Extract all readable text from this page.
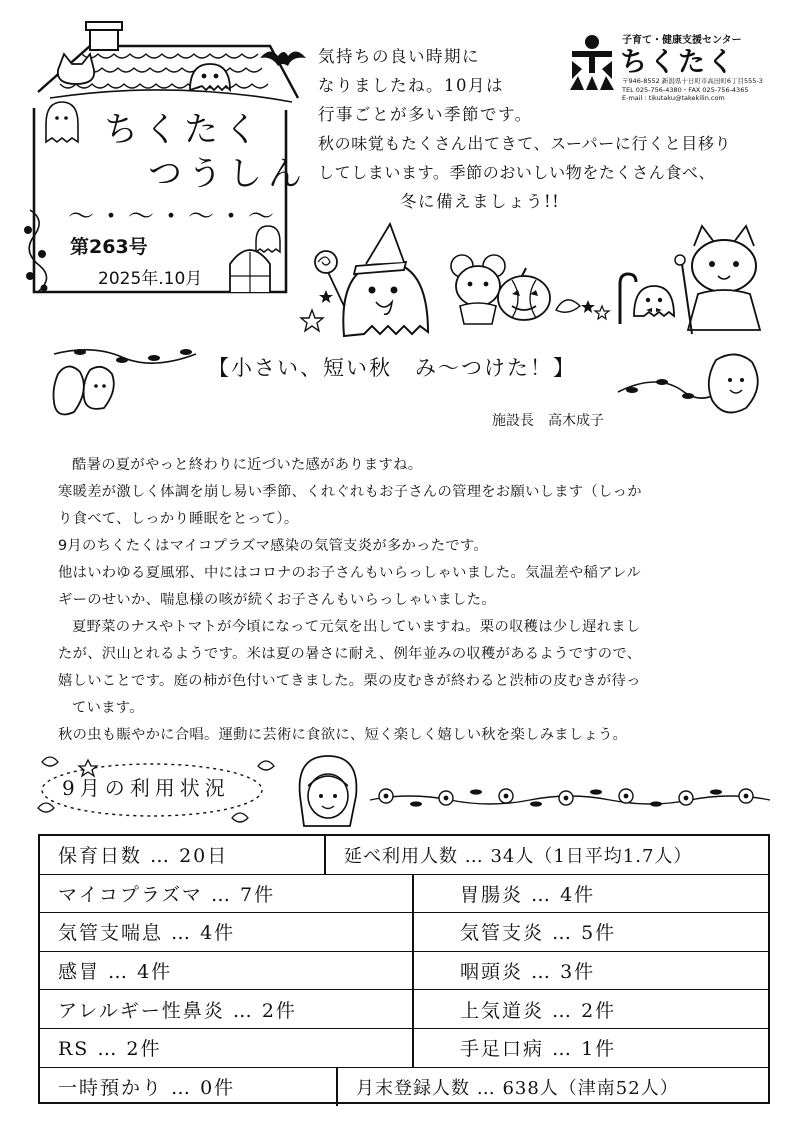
ちくたく
つうしん
〜・〜・〜・〜
第263号
2025年.10月
気持ちの良い時期に
なりましたね。10月は
行事ごとが多い季節です。
秋の味覚もたくさん出てきて、スーパーに行くと目移り
してしまいます。季節のおいしい物をたくさん食べ、
冬に備えましょう!!
子育て・健康支援センター
ちくたく
〒946-8552 新潟県十日町市高田町6丁目555-3
TEL 025-756-4380・FAX 025-756-4365
E-mail : tikutaku@takekilin.com
【小さい、短い秋　み〜つけた！】
施設長　高木成子
酷暑の夏がやっと終わりに近づいた感がありますね。
寒暖差が激しく体調を崩し易い季節、くれぐれもお子さんの管理をお願いします（しっか
り食べて、しっかり睡眠をとって）。
9月のちくたくはマイコプラズマ感染の気管支炎が多かったです。
他はいわゆる夏風邪、中にはコロナのお子さんもいらっしゃいました。気温差や稲アレル
ギーのせいか、喘息様の咳が続くお子さんもいらっしゃいました。
夏野菜のナスやトマトが今頃になって元気を出していますね。栗の収穫は少し遅れまし
たが、沢山とれるようです。米は夏の暑さに耐え、例年並みの収穫があるようですので、
嬉しいことです。庭の柿が色付いてきました。栗の皮むきが終わると渋柿の皮むきが待っ
ています。
秋の虫も賑やかに合唱。運動に芸術に食欲に、短く楽しく嬉しい秋を楽しみましょう。
9月の利用状況
保育日数 … 20日	延べ利用人数 … 34人（1日平均1.7人）
マイコプラズマ … 7件	胃腸炎 … 4件
気管支喘息 … 4件	気管支炎 … 5件
感冒 … 4件	咽頭炎 … 3件
アレルギー性鼻炎 … 2件	上気道炎 … 2件
RS … 2件	手足口病 … 1件
一時預かり … 0件	月末登録人数 … 638人（津南52人）
